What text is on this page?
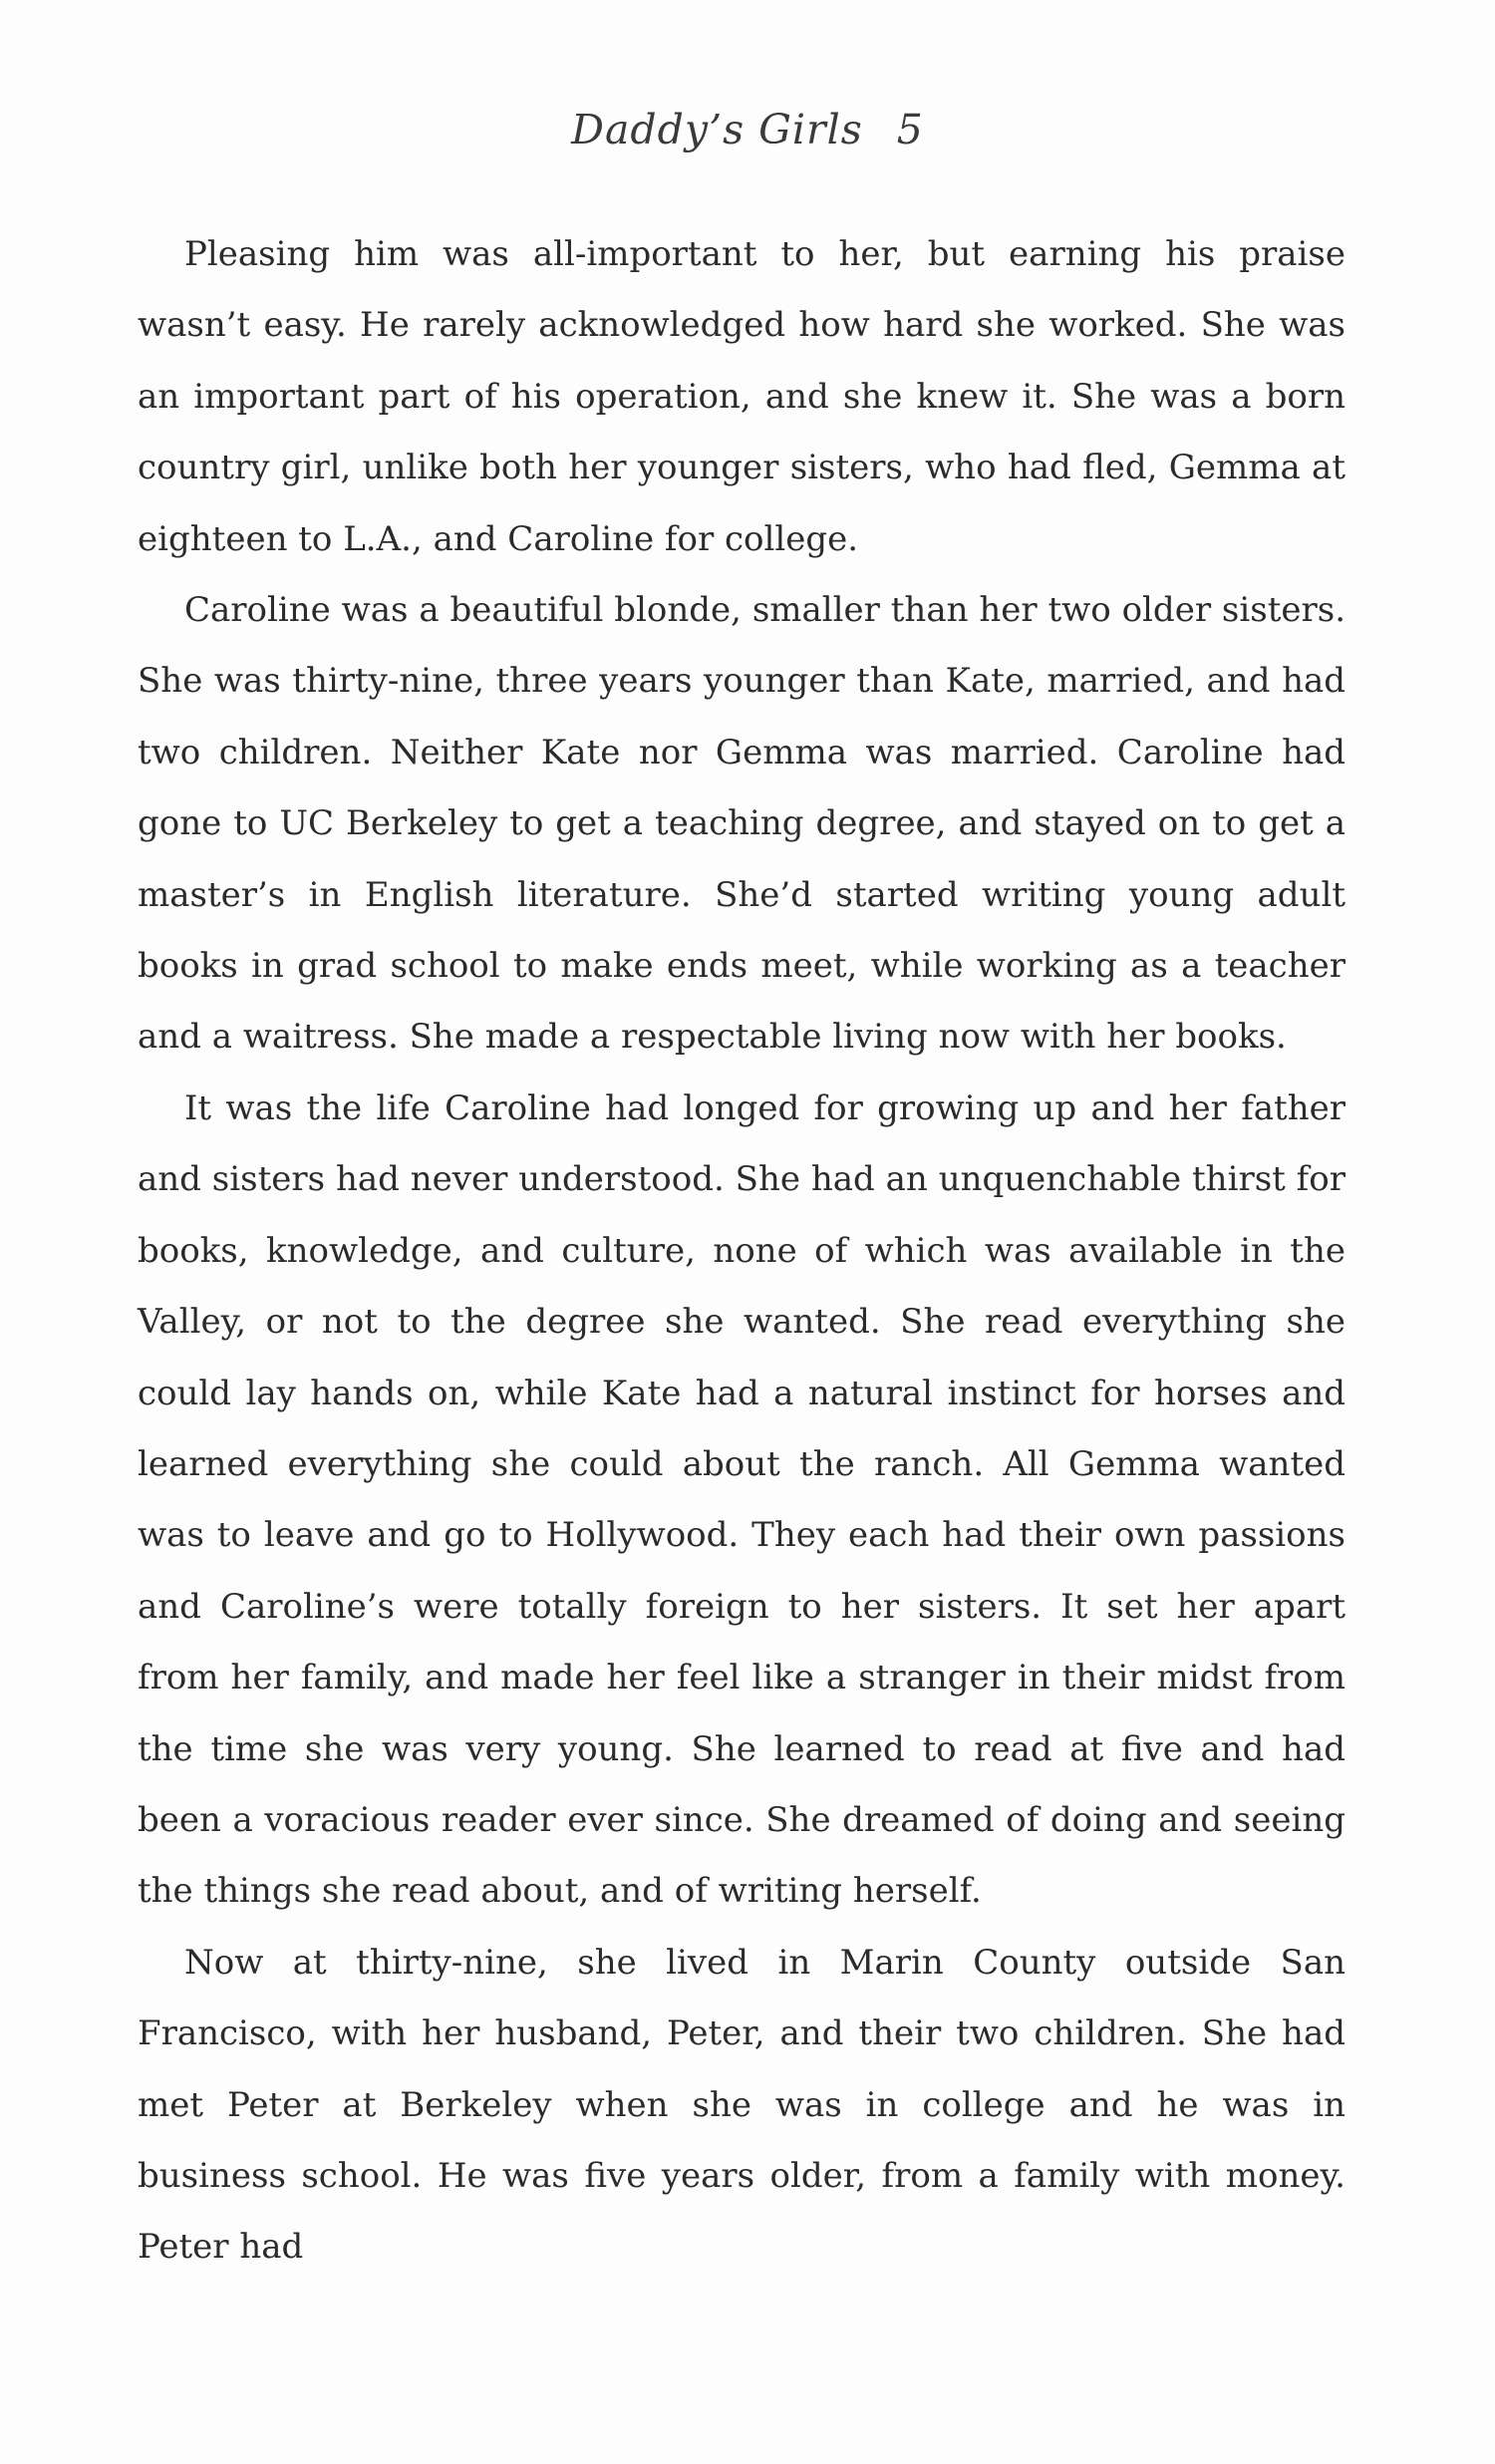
Daddy’s Girls 5

Pleasing him was all-important to her, but earning his praise wasn’t easy. He rarely acknowledged how hard she worked. She was an important part of his operation, and she knew it. She was a born country girl, unlike both her younger sisters, who had fled, Gemma at eighteen to L.A., and Caroline for college.

Caroline was a beautiful blonde, smaller than her two older sisters. She was thirty-nine, three years younger than Kate, married, and had two children. Neither Kate nor Gemma was married. Caroline had gone to UC Berkeley to get a teaching degree, and stayed on to get a master’s in English literature. She’d started writing young adult books in grad school to make ends meet, while working as a teacher and a waitress. She made a respectable living now with her books.

It was the life Caroline had longed for growing up and her father and sisters had never understood. She had an unquenchable thirst for books, knowledge, and culture, none of which was available in the Valley, or not to the degree she wanted. She read everything she could lay hands on, while Kate had a natural instinct for horses and learned everything she could about the ranch. All Gemma wanted was to leave and go to Hollywood. They each had their own passions and Caroline’s were totally foreign to her sisters. It set her apart from her family, and made her feel like a stranger in their midst from the time she was very young. She learned to read at five and had been a voracious reader ever since. She dreamed of doing and seeing the things she read about, and of writing herself.

Now at thirty-nine, she lived in Marin County outside San Francisco, with her husband, Peter, and their two children. She had met Peter at Berkeley when she was in college and he was in business school. He was five years older, from a family with money. Peter had
